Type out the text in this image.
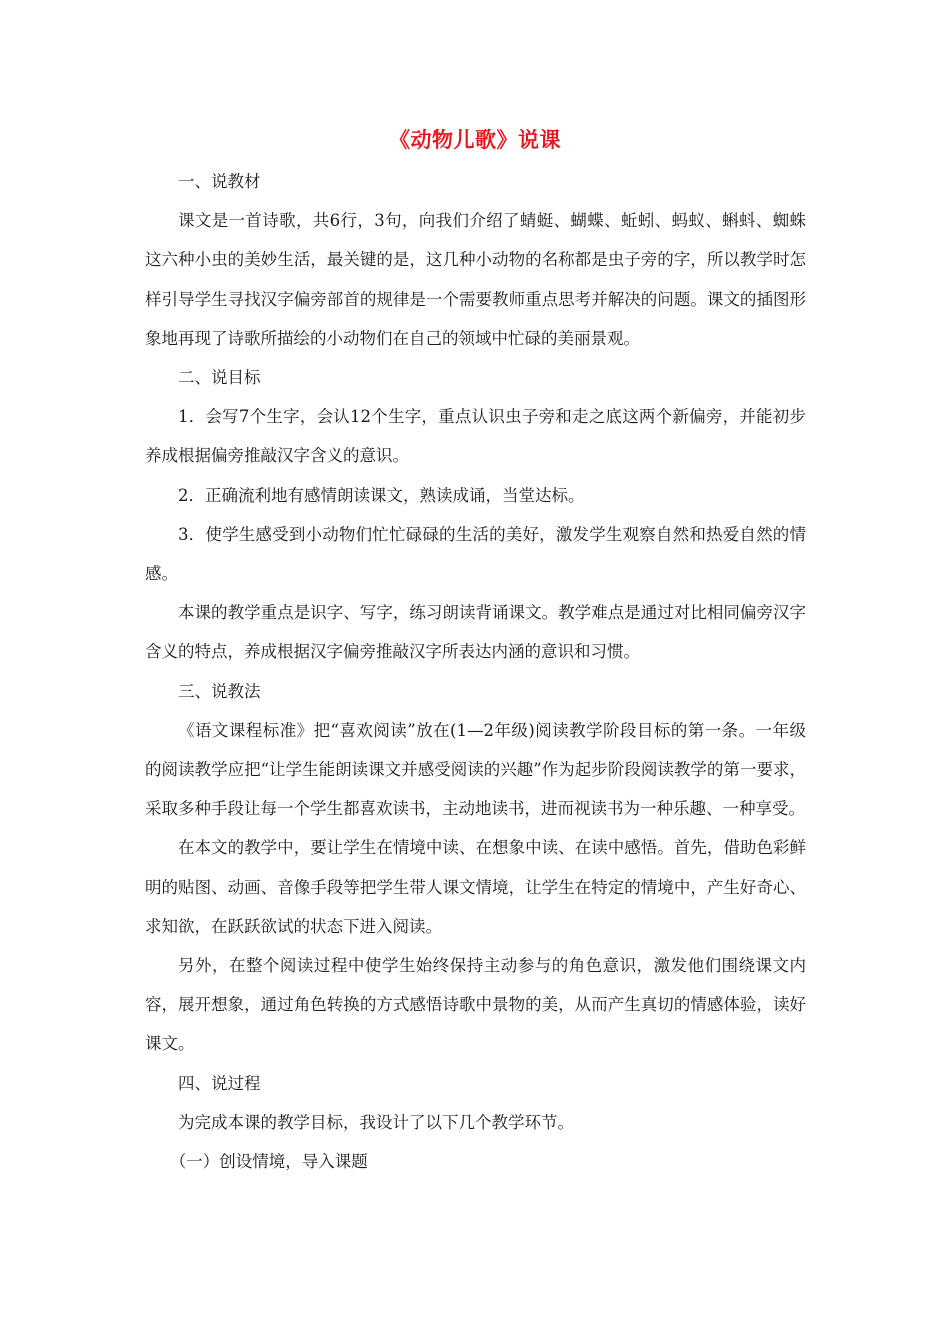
《动物儿歌》说课

一、说教材

课文是一首诗歌，共6行，3句，向我们介绍了蜻蜓、蝴蝶、蚯蚓、蚂蚁、蝌蚪、蜘蛛这六种小虫的美妙生活，最关键的是，这几种小动物的名称都是虫子旁的字，所以教学时怎样引导学生寻找汉字偏旁部首的规律是一个需要教师重点思考并解决的问题。课文的插图形象地再现了诗歌所描绘的小动物们在自己的领域中忙碌的美丽景观。

二、说目标

1．会写7个生字，会认12个生字，重点认识虫子旁和走之底这两个新偏旁，并能初步养成根据偏旁推敲汉字含义的意识。

2．正确流利地有感情朗读课文，熟读成诵，当堂达标。

3．使学生感受到小动物们忙忙碌碌的生活的美好，激发学生观察自然和热爱自然的情感。

本课的教学重点是识字、写字，练习朗读背诵课文。教学难点是通过对比相同偏旁汉字含义的特点，养成根据汉字偏旁推敲汉字所表达内涵的意识和习惯。

三、说教法

《语文课程标准》把“喜欢阅读”放在(1—2年级)阅读教学阶段目标的第一条。一年级的阅读教学应把“让学生能朗读课文并感受阅读的兴趣”作为起步阶段阅读教学的第一要求，采取多种手段让每一个学生都喜欢读书，主动地读书，进而视读书为一种乐趣、一种享受。

在本文的教学中，要让学生在情境中读、在想象中读、在读中感悟。首先，借助色彩鲜明的贴图、动画、音像手段等把学生带人课文情境，让学生在特定的情境中，产生好奇心、求知欲，在跃跃欲试的状态下进入阅读。

另外，在整个阅读过程中使学生始终保持主动参与的角色意识，激发他们围绕课文内容，展开想象，通过角色转换的方式感悟诗歌中景物的美，从而产生真切的情感体验，读好课文。

四、说过程

为完成本课的教学目标，我设计了以下几个教学环节。

（一）创设情境，导入课题
